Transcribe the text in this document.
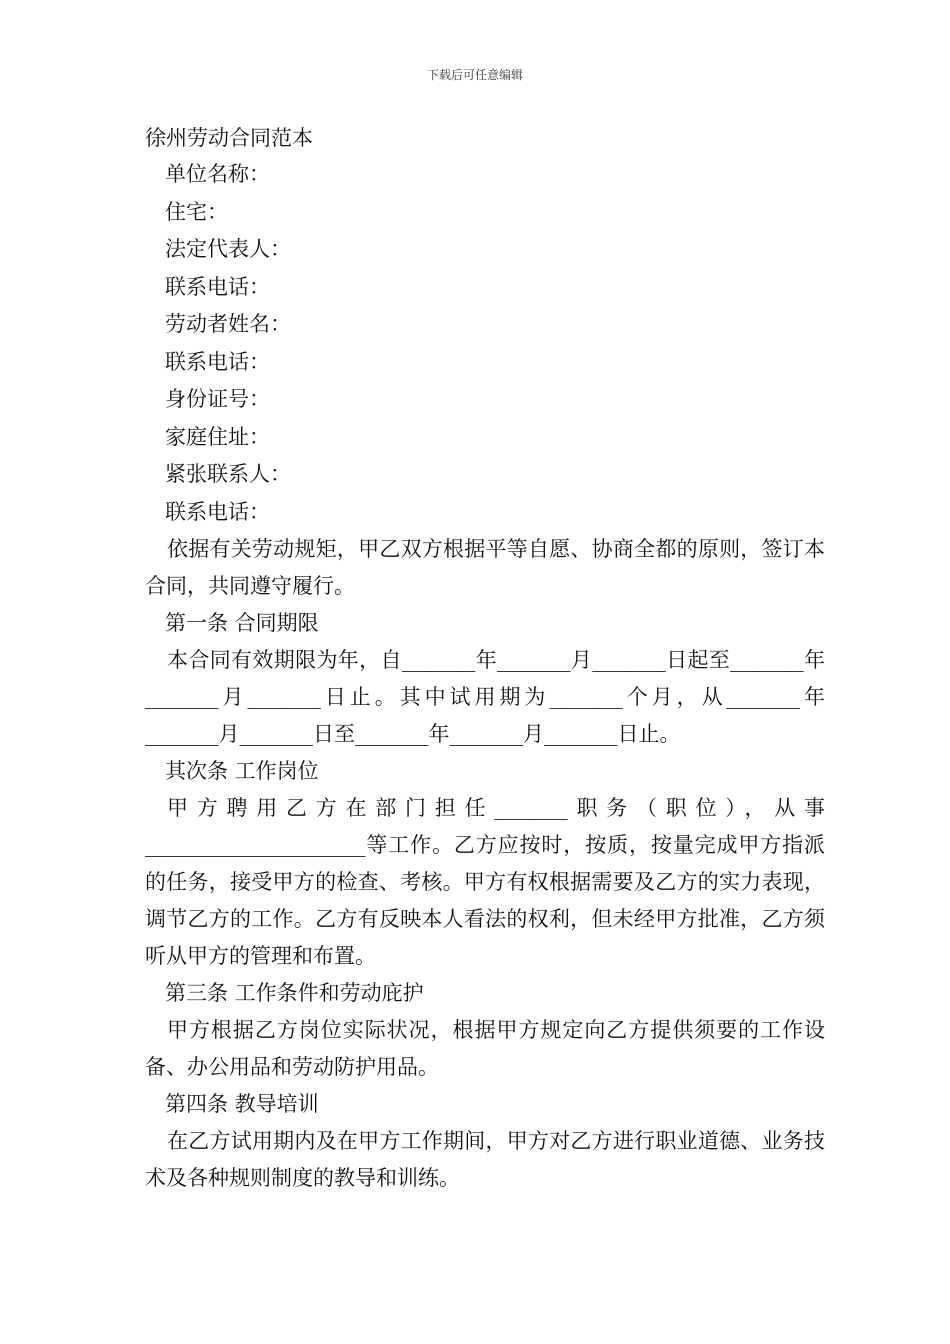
下载后可任意编辑
徐州劳动合同范本
单位名称：
住宅：
法定代表人：
联系电话：
劳动者姓名：
联系电话：
身份证号：
家庭住址：
紧张联系人：
联系电话：

依据有关劳动规矩，甲乙双方根据平等自愿、协商全都的原则，签订本合同，共同遵守履行。

第一条 合同期限

本合同有效期限为年，自_______年_______月_______日起至_______年_______月_______日止。其中试用期为_______个月，从_______年_______月_______日至_______年_______月_______日止。

其次条 工作岗位

甲方聘用乙方在部门担任_______职务（职位），从事_____________________等工作。乙方应按时，按质，按量完成甲方指派的任务，接受甲方的检查、考核。甲方有权根据需要及乙方的实力表现，调节乙方的工作。乙方有反映本人看法的权利，但未经甲方批准，乙方须听从甲方的管理和布置。

第三条 工作条件和劳动庇护

甲方根据乙方岗位实际状况，根据甲方规定向乙方提供须要的工作设备、办公用品和劳动防护用品。

第四条 教导培训

在乙方试用期内及在甲方工作期间，甲方对乙方进行职业道德、业务技术及各种规则制度的教导和训练。
